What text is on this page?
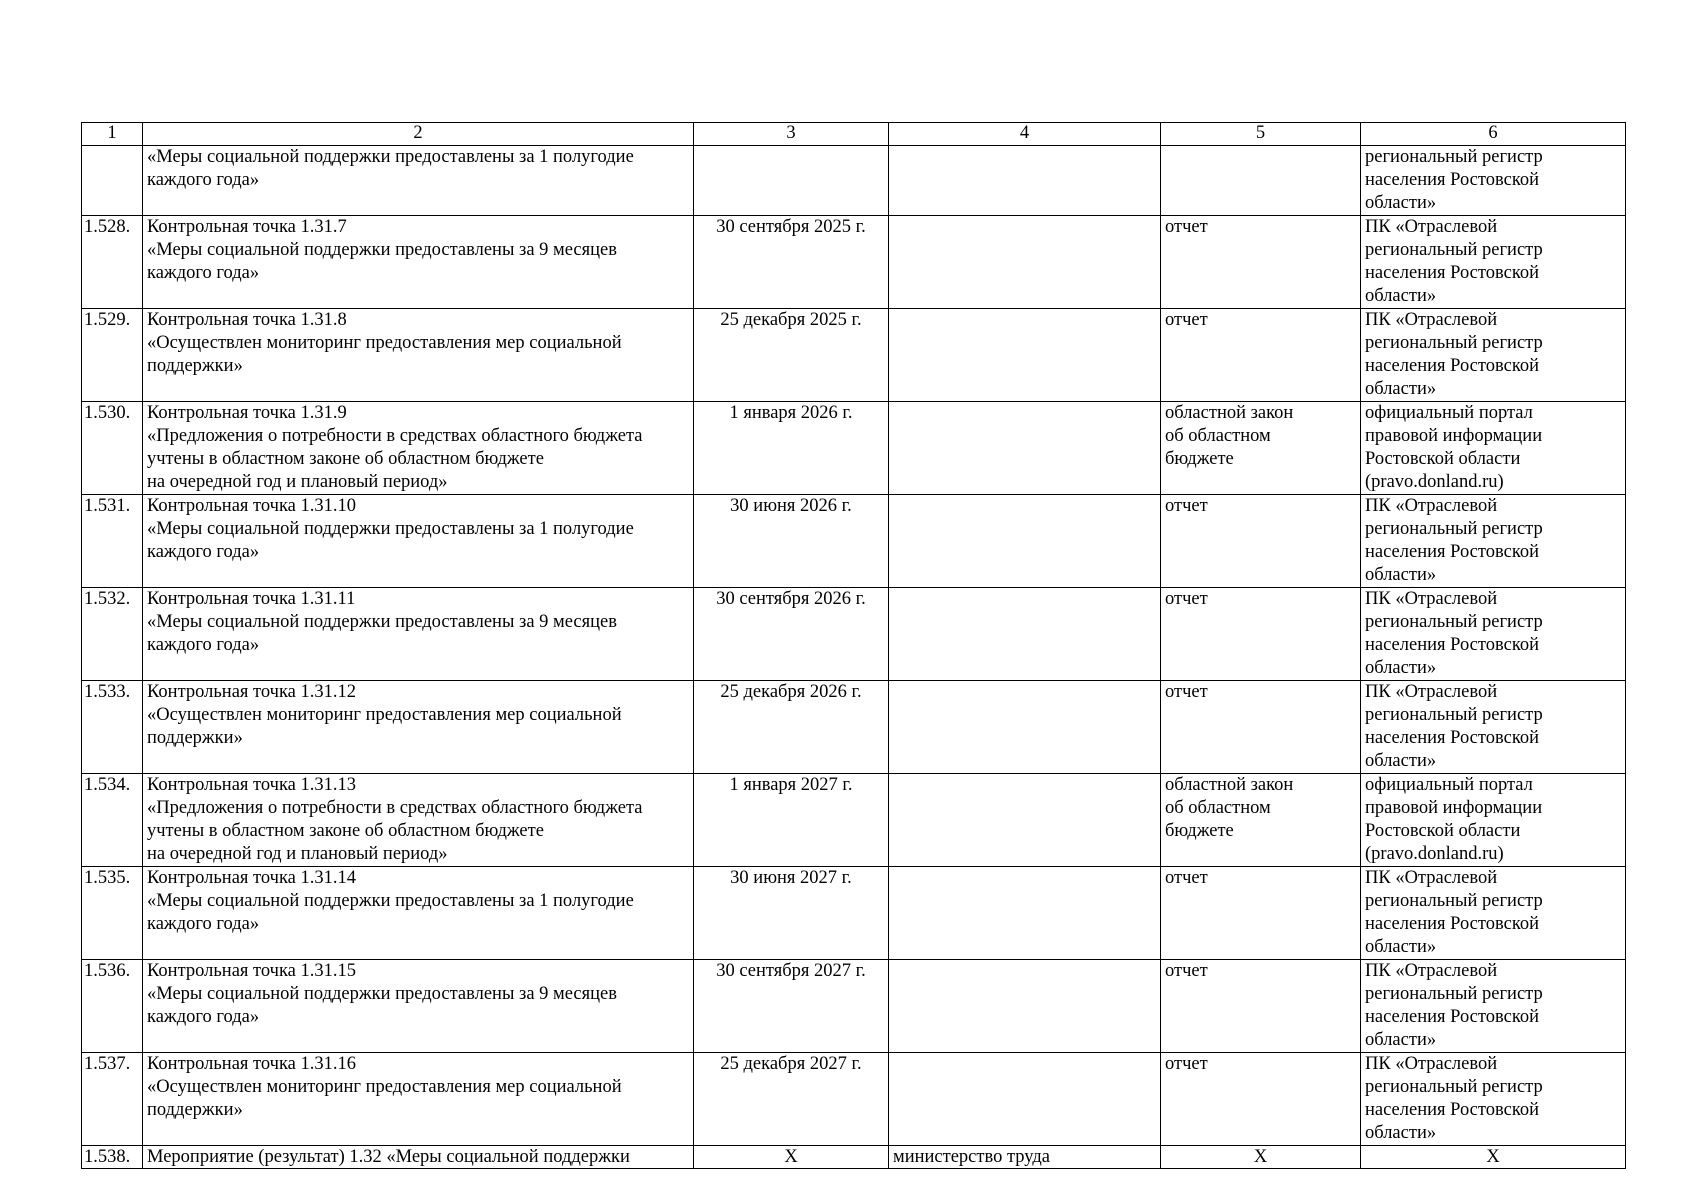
1	2	3	4	5	6

	«Меры социальной поддержки предоставлены за 1 полугодие
каждого года»				региональный регистр
населения Ростовской
области»

1.528.	Контрольная точка 1.31.7
«Меры социальной поддержки предоставлены за 9 месяцев
каждого года»	30 сентября 2025 г.		отчет	ПК «Отраслевой
региональный регистр
населения Ростовской
области»

1.529.	Контрольная точка 1.31.8
«Осуществлен мониторинг предоставления мер социальной
поддержки»	25 декабря 2025 г.		отчет	ПК «Отраслевой
региональный регистр
населения Ростовской
области»

1.530.	Контрольная точка 1.31.9
«Предложения о потребности в средствах областного бюджета
учтены в областном законе об областном бюджете
на очередной год и плановый период»	1 января 2026 г.		областной закон
об областном
бюджете	официальный портал
правовой информации
Ростовской области
(pravo.donland.ru)

1.531.	Контрольная точка 1.31.10
«Меры социальной поддержки предоставлены за 1 полугодие
каждого года»	30 июня 2026 г.		отчет	ПК «Отраслевой
региональный регистр
населения Ростовской
области»

1.532.	Контрольная точка 1.31.11
«Меры социальной поддержки предоставлены за 9 месяцев
каждого года»	30 сентября 2026 г.		отчет	ПК «Отраслевой
региональный регистр
населения Ростовской
области»

1.533.	Контрольная точка 1.31.12
«Осуществлен мониторинг предоставления мер социальной
поддержки»	25 декабря 2026 г.		отчет	ПК «Отраслевой
региональный регистр
населения Ростовской
области»

1.534.	Контрольная точка 1.31.13
«Предложения о потребности в средствах областного бюджета
учтены в областном законе об областном бюджете
на очередной год и плановый период»	1 января 2027 г.		областной закон
об областном
бюджете	официальный портал
правовой информации
Ростовской области
(pravo.donland.ru)

1.535.	Контрольная точка 1.31.14
«Меры социальной поддержки предоставлены за 1 полугодие
каждого года»	30 июня 2027 г.		отчет	ПК «Отраслевой
региональный регистр
населения Ростовской
области»

1.536.	Контрольная точка 1.31.15
«Меры социальной поддержки предоставлены за 9 месяцев
каждого года»	30 сентября 2027 г.		отчет	ПК «Отраслевой
региональный регистр
населения Ростовской
области»

1.537.	Контрольная точка 1.31.16
«Осуществлен мониторинг предоставления мер социальной
поддержки»	25 декабря 2027 г.		отчет	ПК «Отраслевой
региональный регистр
населения Ростовской
области»

1.538.	Мероприятие (результат) 1.32 «Меры социальной поддержки	X	министерство труда	X	X
